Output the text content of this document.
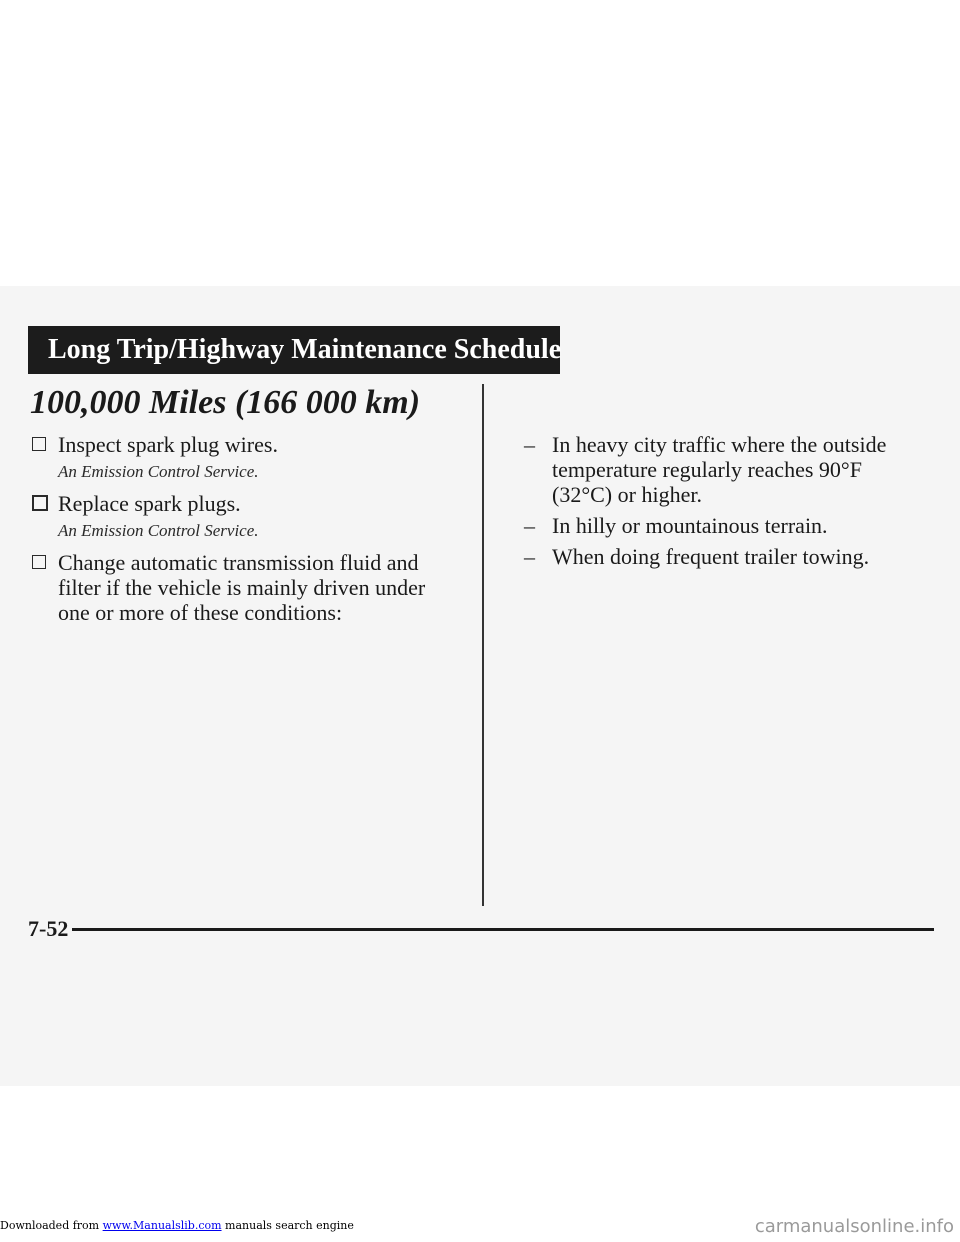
Long Trip/Highway Maintenance Schedule
100,000 Miles (166 000 km)
Inspect spark plug wires.
An Emission Control Service.
Replace spark plugs.
An Emission Control Service.
Change automatic transmission fluid and filter if the vehicle is mainly driven under one or more of these conditions:
– In heavy city traffic where the outside temperature regularly reaches 90°F (32°C) or higher.
– In hilly or mountainous terrain.
– When doing frequent trailer towing.
7-52
Downloaded from www.Manualslib.com manuals search engine	carmanualsonline.info
